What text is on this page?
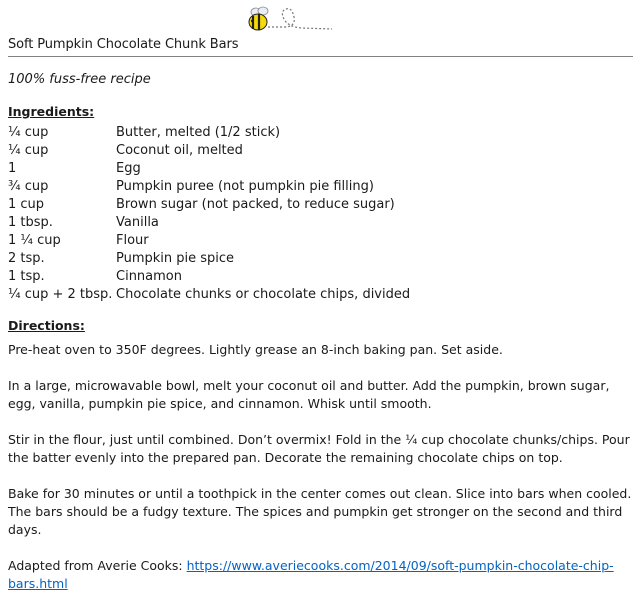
Soft Pumpkin Chocolate Chunk Bars
100% fuss-free recipe
Ingredients:
¼ cup	Butter, melted (1/2 stick)
¼ cup	Coconut oil, melted
1	Egg
¾ cup	Pumpkin puree (not pumpkin pie filling)
1 cup	Brown sugar (not packed, to reduce sugar)
1 tbsp.	Vanilla
1 ¼ cup	Flour
2 tsp.	Pumpkin pie spice
1 tsp.	Cinnamon
¼ cup + 2 tbsp. Chocolate chunks or chocolate chips, divided
Directions:
Pre-heat oven to 350F degrees. Lightly grease an 8-inch baking pan. Set aside.
In a large, microwavable bowl, melt your coconut oil and butter. Add the pumpkin, brown sugar, egg, vanilla, pumpkin pie spice, and cinnamon. Whisk until smooth.
Stir in the flour, just until combined. Don’t overmix! Fold in the ¼ cup chocolate chunks/chips. Pour the batter evenly into the prepared pan. Decorate the remaining chocolate chips on top.
Bake for 30 minutes or until a toothpick in the center comes out clean. Slice into bars when cooled. The bars should be a fudgy texture. The spices and pumpkin get stronger on the second and third days.
Adapted from Averie Cooks: https://www.averiecooks.com/2014/09/soft-pumpkin-chocolate-chip-bars.html
